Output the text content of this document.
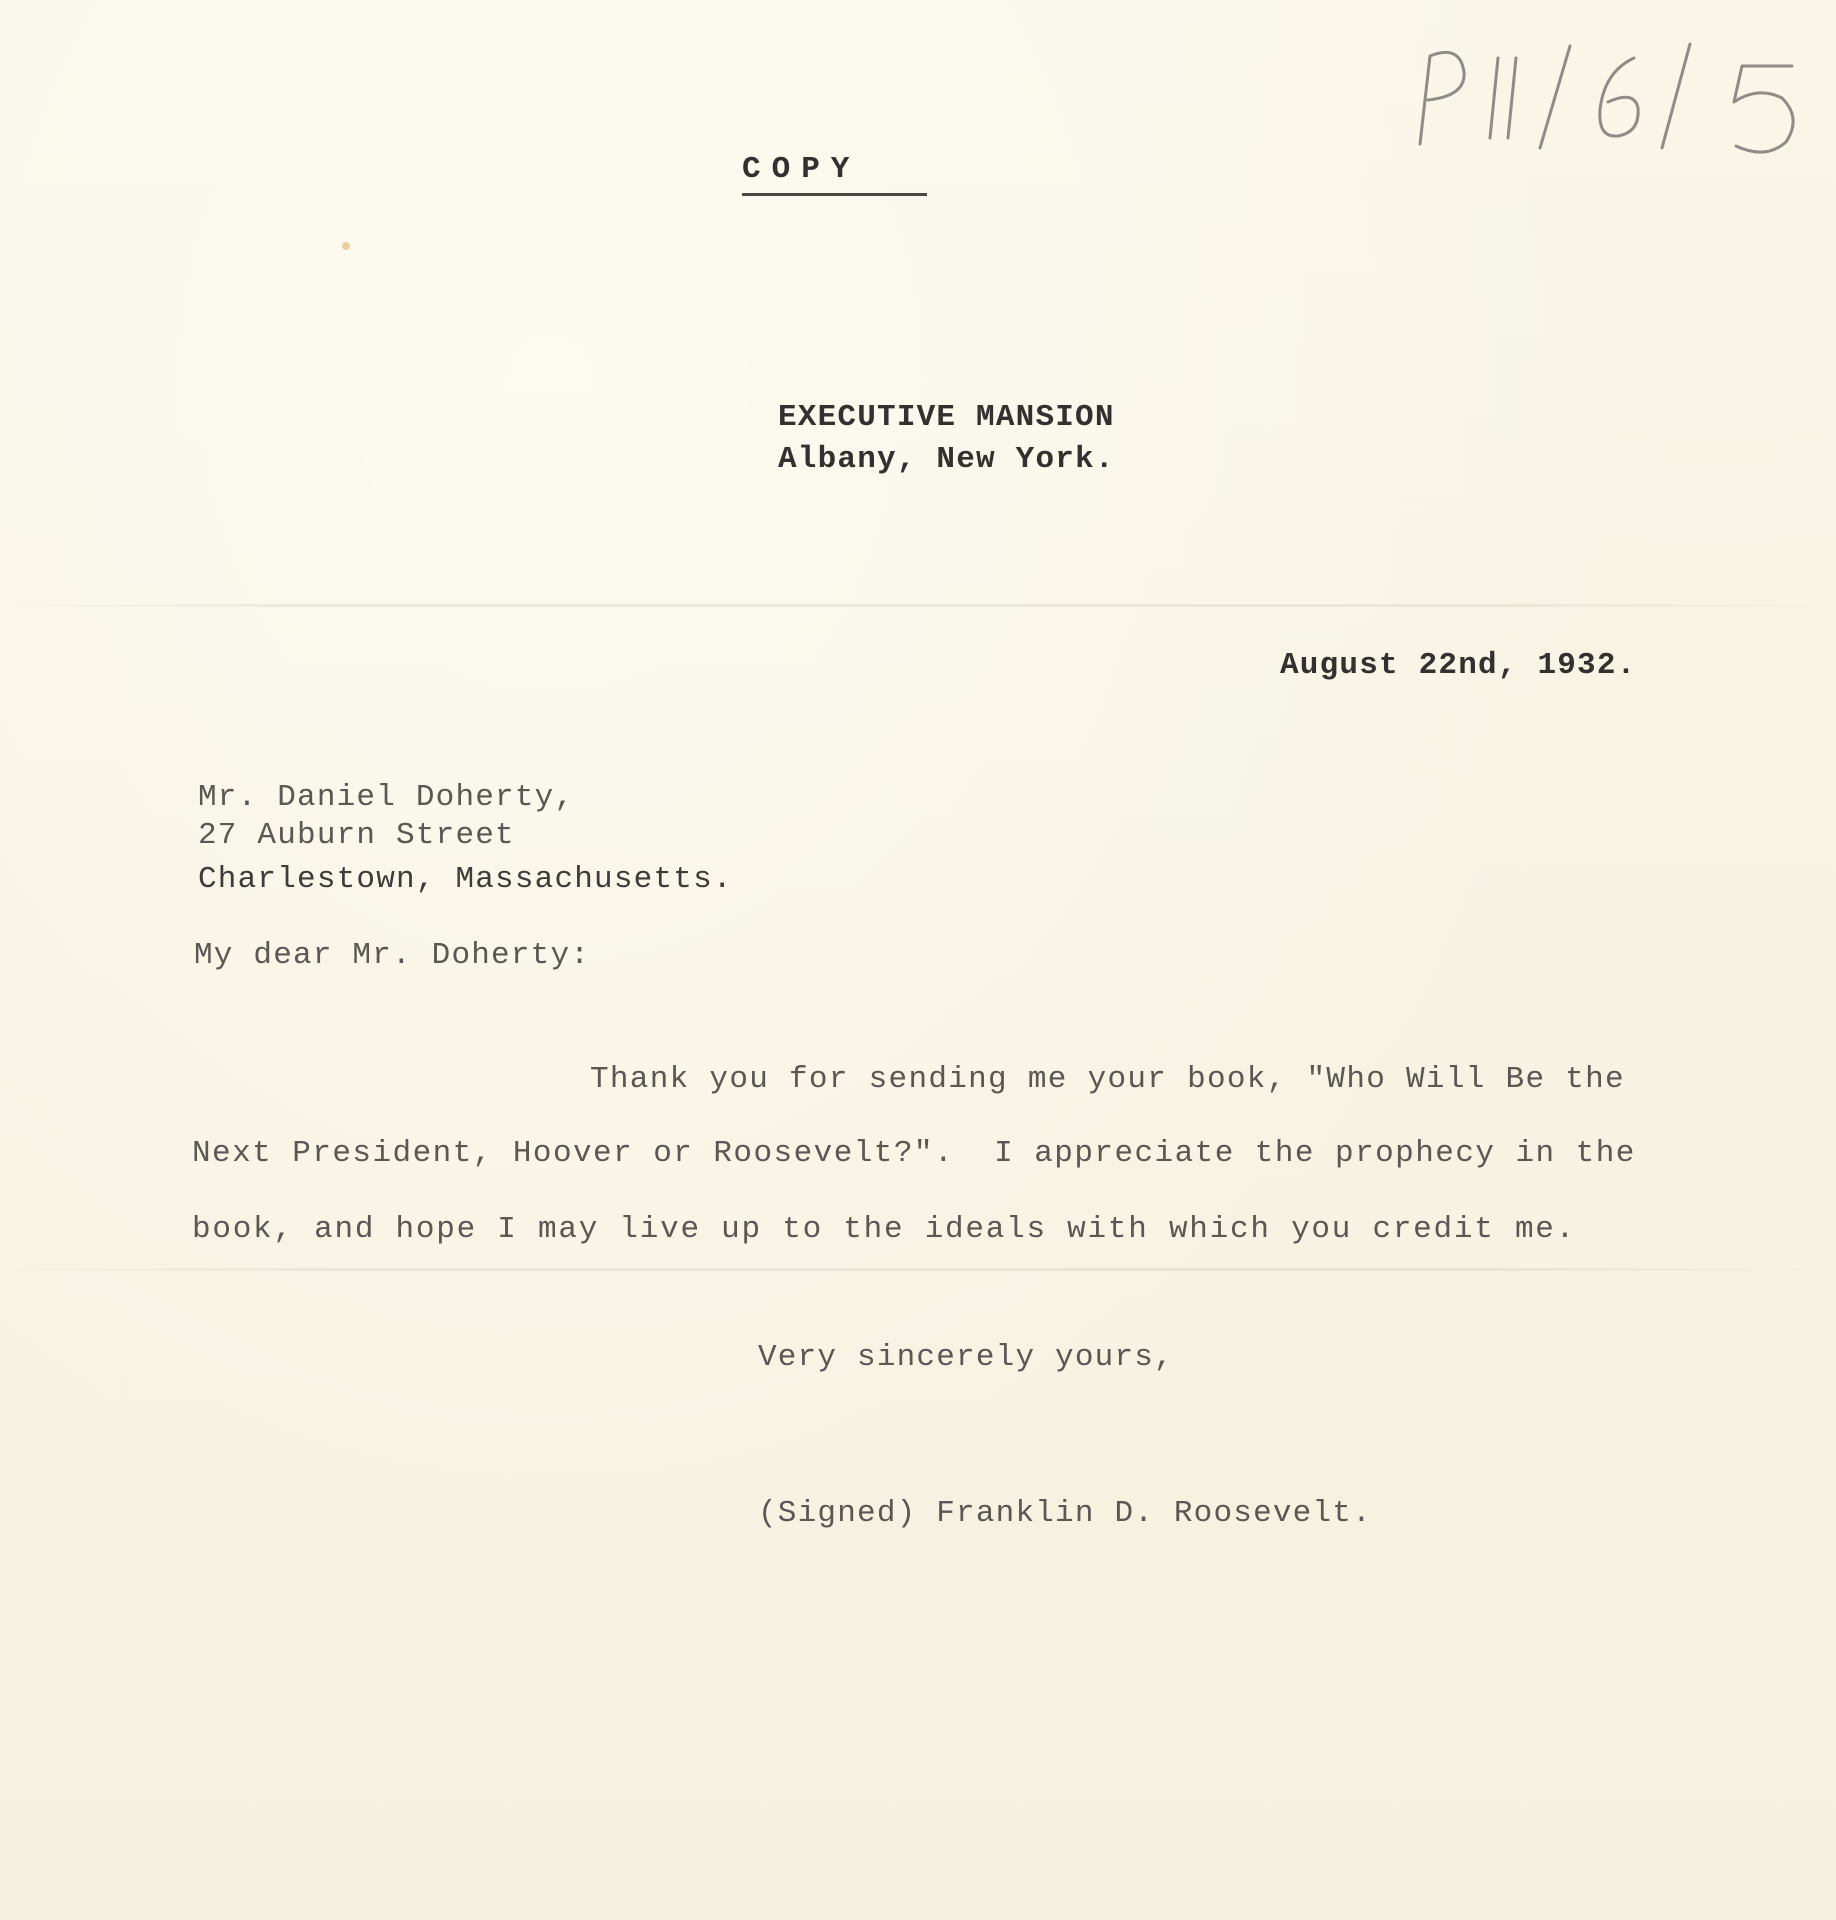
P11/6/5
COPY
EXECUTIVE MANSION
Albany, New York.
August 22nd, 1932.
Mr. Daniel Doherty,
27 Auburn Street
Charlestown, Massachusetts.
My dear Mr. Doherty:
Thank you for sending me your book, "Who Will Be the
Next President, Hoover or Roosevelt?".  I appreciate the prophecy in the
book, and hope I may live up to the ideals with which you credit me.
Very sincerely yours,
(Signed) Franklin D. Roosevelt.
